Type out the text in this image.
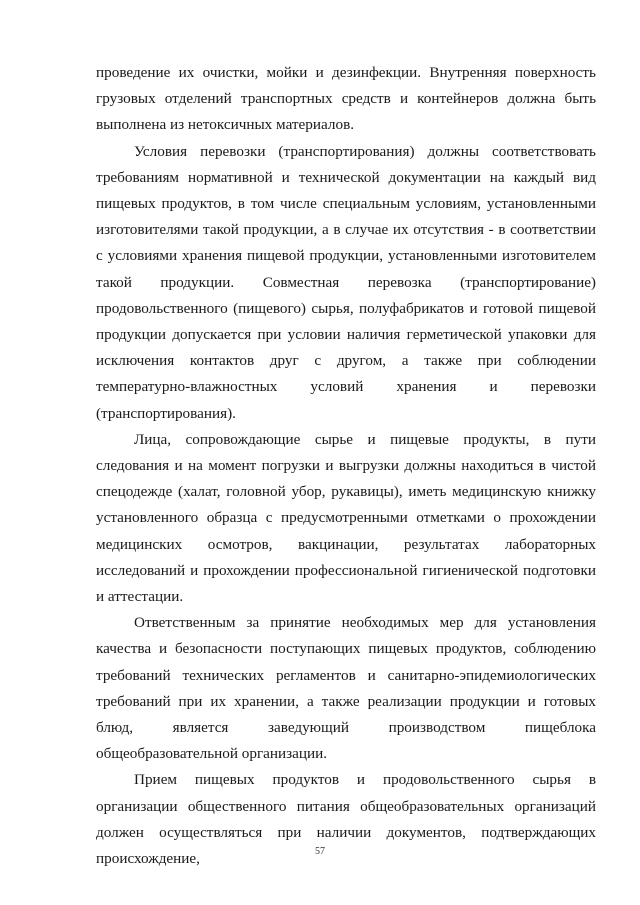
проведение их очистки, мойки и дезинфекции. Внутренняя поверхность грузовых отделений транспортных средств и контейнеров должна быть выполнена из нетоксичных материалов.

Условия перевозки (транспортирования) должны соответствовать требованиям нормативной и технической документации на каждый вид пищевых продуктов, в том числе специальным условиям, установленными изготовителями такой продукции, а в случае их отсутствия - в соответствии с условиями хранения пищевой продукции, установленными изготовителем такой продукции. Совместная перевозка (транспортирование) продовольственного (пищевого) сырья, полуфабрикатов и готовой пищевой продукции допускается при условии наличия герметической упаковки для исключения контактов друг с другом, а также при соблюдении температурно-влажностных условий хранения и перевозки (транспортирования).

Лица, сопровождающие сырье и пищевые продукты, в пути следования и на момент погрузки и выгрузки должны находиться в чистой спецодежде (халат, головной убор, рукавицы), иметь медицинскую книжку установленного образца с предусмотренными отметками о прохождении медицинских осмотров, вакцинации, результатах лабораторных исследований и прохождении профессиональной гигиенической подготовки и аттестации.

Ответственным за принятие необходимых мер для установления качества и безопасности поступающих пищевых продуктов, соблюдению требований технических регламентов и санитарно-эпидемиологических требований при их хранении, а также реализации продукции и готовых блюд, является заведующий производством пищеблока общеобразовательной организации.

Прием пищевых продуктов и продовольственного сырья в организации общественного питания общеобразовательных организаций должен осуществляться при наличии документов, подтверждающих происхождение,	57
